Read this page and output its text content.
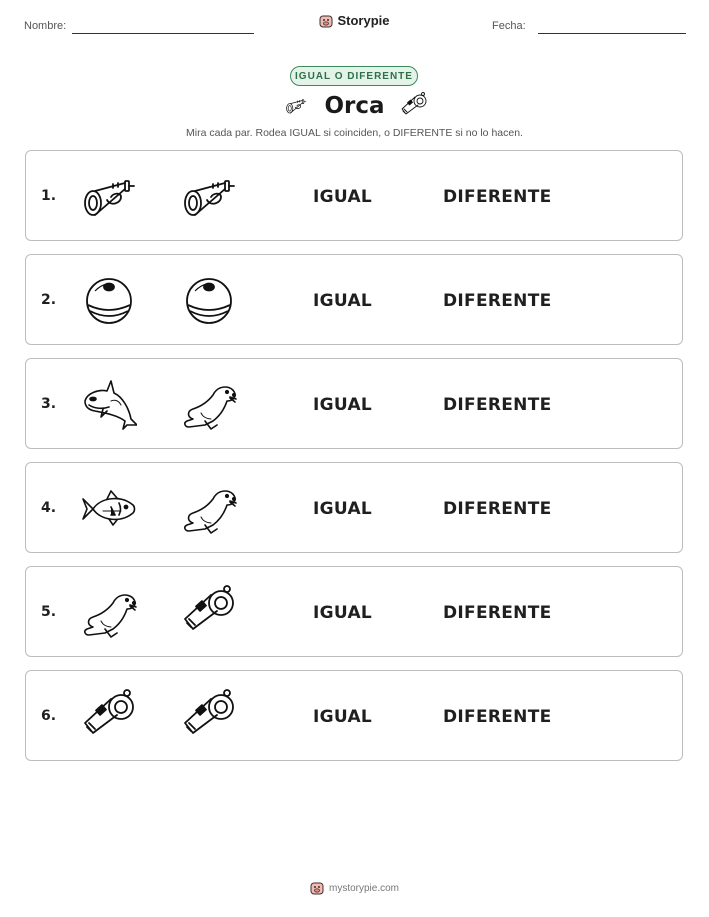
Nombre:	Storypie	Fecha:
IGUAL O DIFERENTE
Orca
Mira cada par. Rodea IGUAL si coinciden, o DIFERENTE si no lo hacen.
1.	IGUAL	DIFERENTE
2.	IGUAL	DIFERENTE
3.	IGUAL	DIFERENTE
4.	IGUAL	DIFERENTE
5.	IGUAL	DIFERENTE
6.	IGUAL	DIFERENTE
mystorypie.com
